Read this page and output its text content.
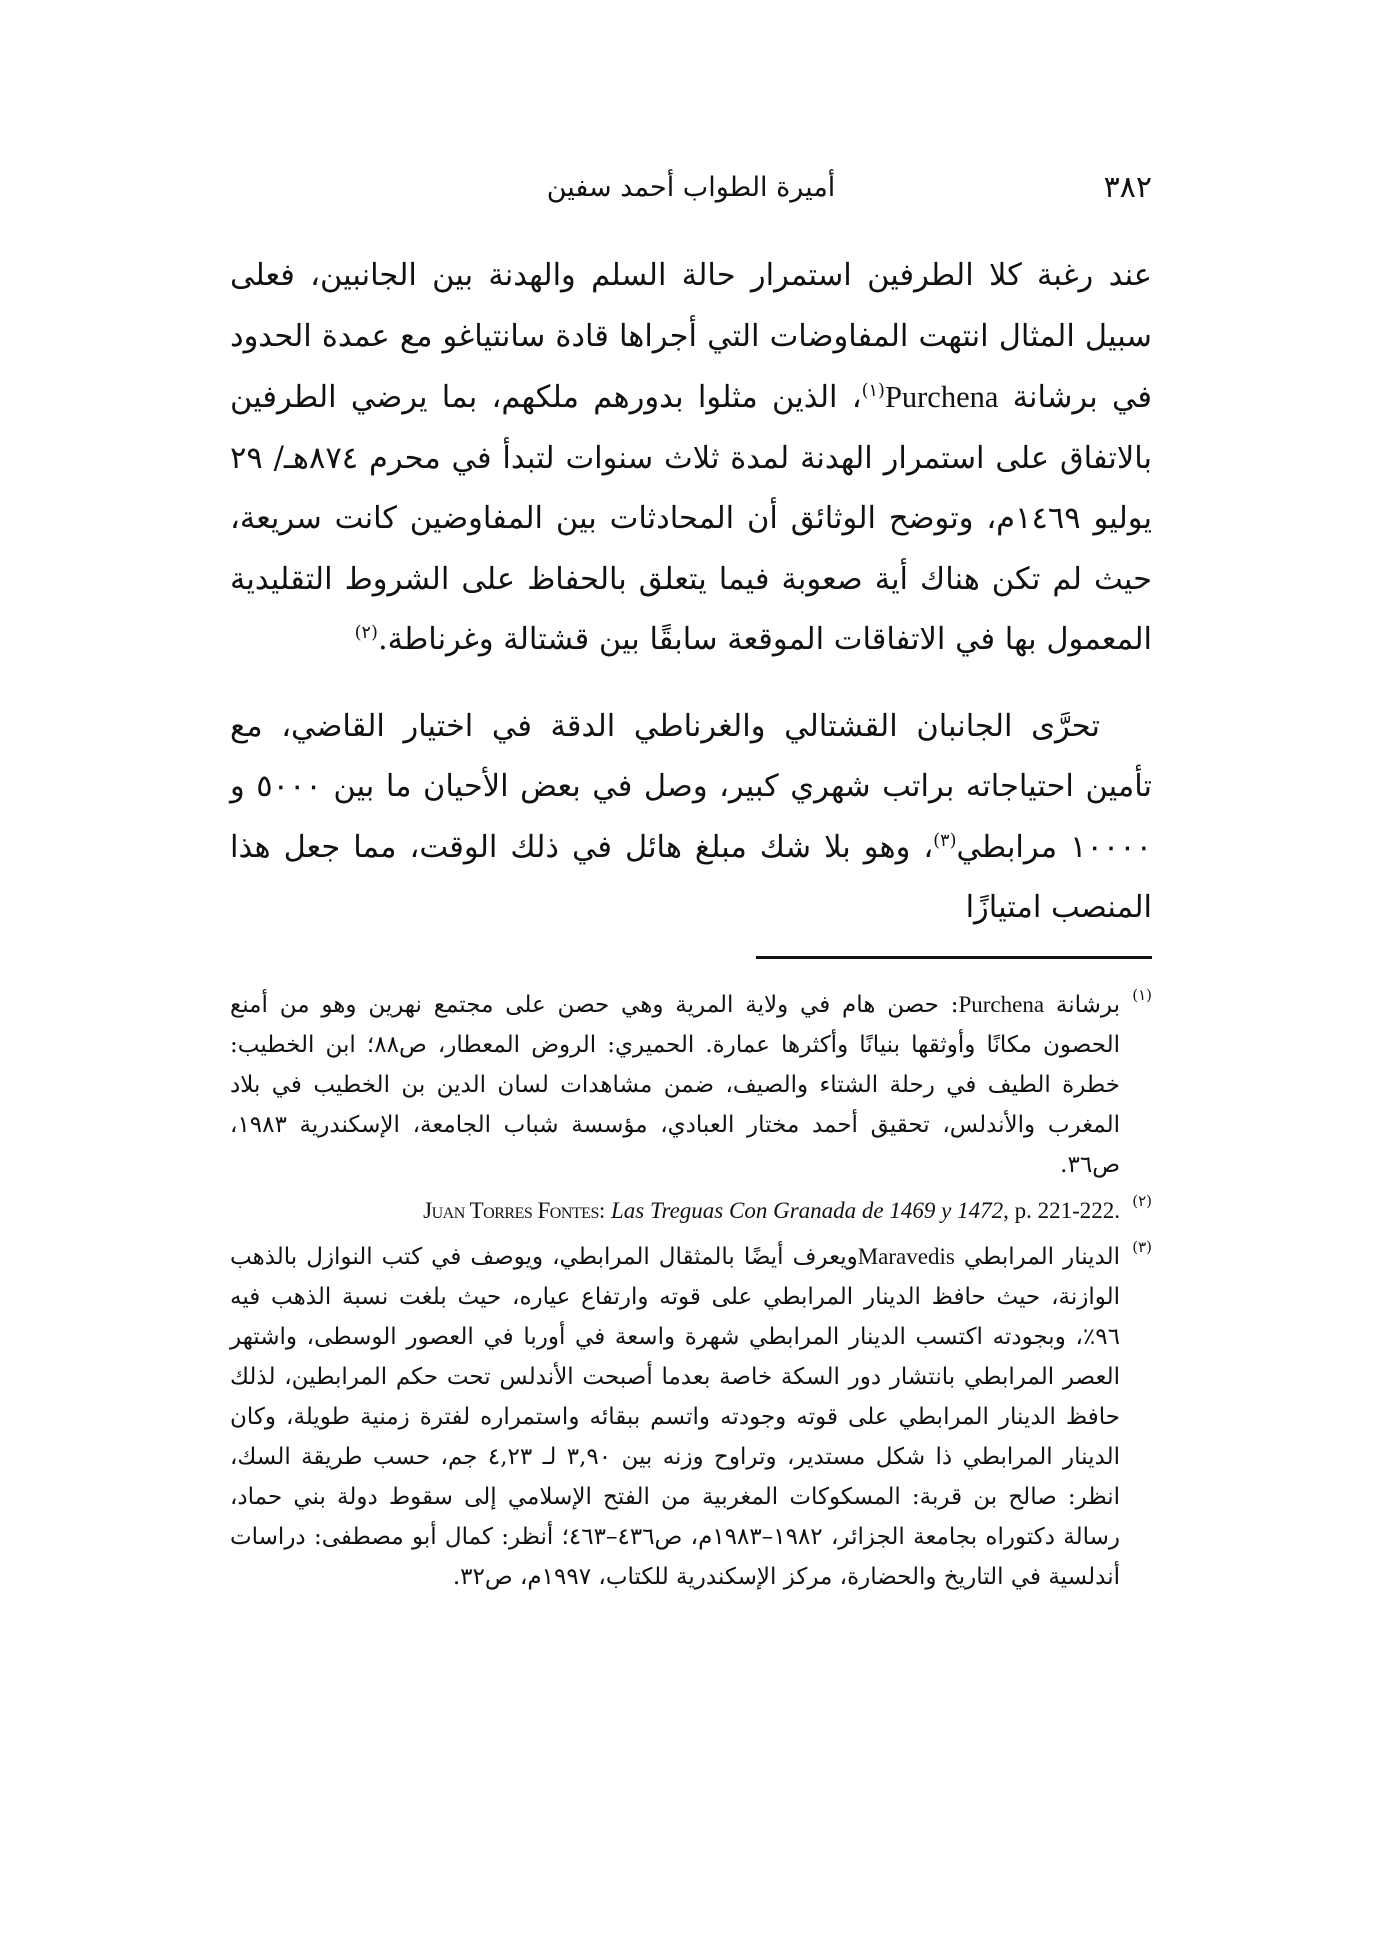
٣٨٢
أميرة الطواب أحمد سفين

عند رغبة كلا الطرفين استمرار حالة السلم والهدنة بين الجانبين، فعلى سبيل المثال انتهت المفاوضات التي أجراها قادة سانتياغو مع عمدة الحدود في برشانة Purchena$^{(١)}$، الذين مثلوا بدورهم ملكهم، بما يرضي الطرفين بالاتفاق على استمرار الهدنة لمدة ثلاث سنوات لتبدأ في محرم ٨٧٤هـ/ ٢٩ يوليو ١٤٦٩م، وتوضح الوثائق أن المحادثات بين المفاوضين كانت سريعة، حيث لم تكن هناك أية صعوبة فيما يتعلق بالحفاظ على الشروط التقليدية المعمول بها في الاتفاقات الموقعة سابقًا بين قشتالة وغرناطة.$^{(٢)}$

تحرَّى الجانبان القشتالي والغرناطي الدقة في اختيار القاضي، مع تأمين احتياجاته براتب شهري كبير، وصل في بعض الأحيان ما بين ٥٠٠٠ و ١٠٠٠٠ مرابطي$^{(٣)}$، وهو بلا شك مبلغ هائل في ذلك الوقت، مما جعل هذا المنصب امتيازًا

(١)
برشانة Purchena: حصن هام في ولاية المرية وهي حصن على مجتمع نهرين وهو من أمنع الحصون مكانًا وأوثقها بنيانًا وأكثرها عمارة. الحميري: الروض المعطار، ص٨٨؛ ابن الخطيب: خطرة الطيف في رحلة الشتاء والصيف، ضمن مشاهدات لسان الدين بن الخطيب في بلاد المغرب والأندلس، تحقيق أحمد مختار العبادي، مؤسسة شباب الجامعة، الإسكندرية ١٩٨٣، ص٣٦.
(٢)
Juan Torres Fontes: Las Treguas Con Granada de 1469 y 1472, p. 221-222.
(٣)
الدينار المرابطي Maravedisويعرف أيضًا بالمثقال المرابطي، ويوصف في كتب النوازل بالذهب الوازنة، حيث حافظ الدينار المرابطي على قوته وارتفاع عياره، حيث بلغت نسبة الذهب فيه ٩٦٪، وبجودته اكتسب الدينار المرابطي شهرة واسعة في أوربا في العصور الوسطى، واشتهر العصر المرابطي بانتشار دور السكة خاصة بعدما أصبحت الأندلس تحت حكم المرابطين، لذلك حافظ الدينار المرابطي على قوته وجودته واتسم ببقائه واستمراره لفترة زمنية طويلة، وكان الدينار المرابطي ذا شكل مستدير، وتراوح وزنه بين ٣,٩٠ لـ ٤,٢٣ جم، حسب طريقة السك، انظر: صالح بن قربة: المسكوكات المغربية من الفتح الإسلامي إلى سقوط دولة بني حماد، رسالة دكتوراه بجامعة الجزائر، ١٩٨٢–١٩٨٣م، ص٤٣٦–٤٦٣؛ أنظر: كمال أبو مصطفى: دراسات أندلسية في التاريخ والحضارة، مركز الإسكندرية للكتاب، ١٩٩٧م، ص٣٢.
